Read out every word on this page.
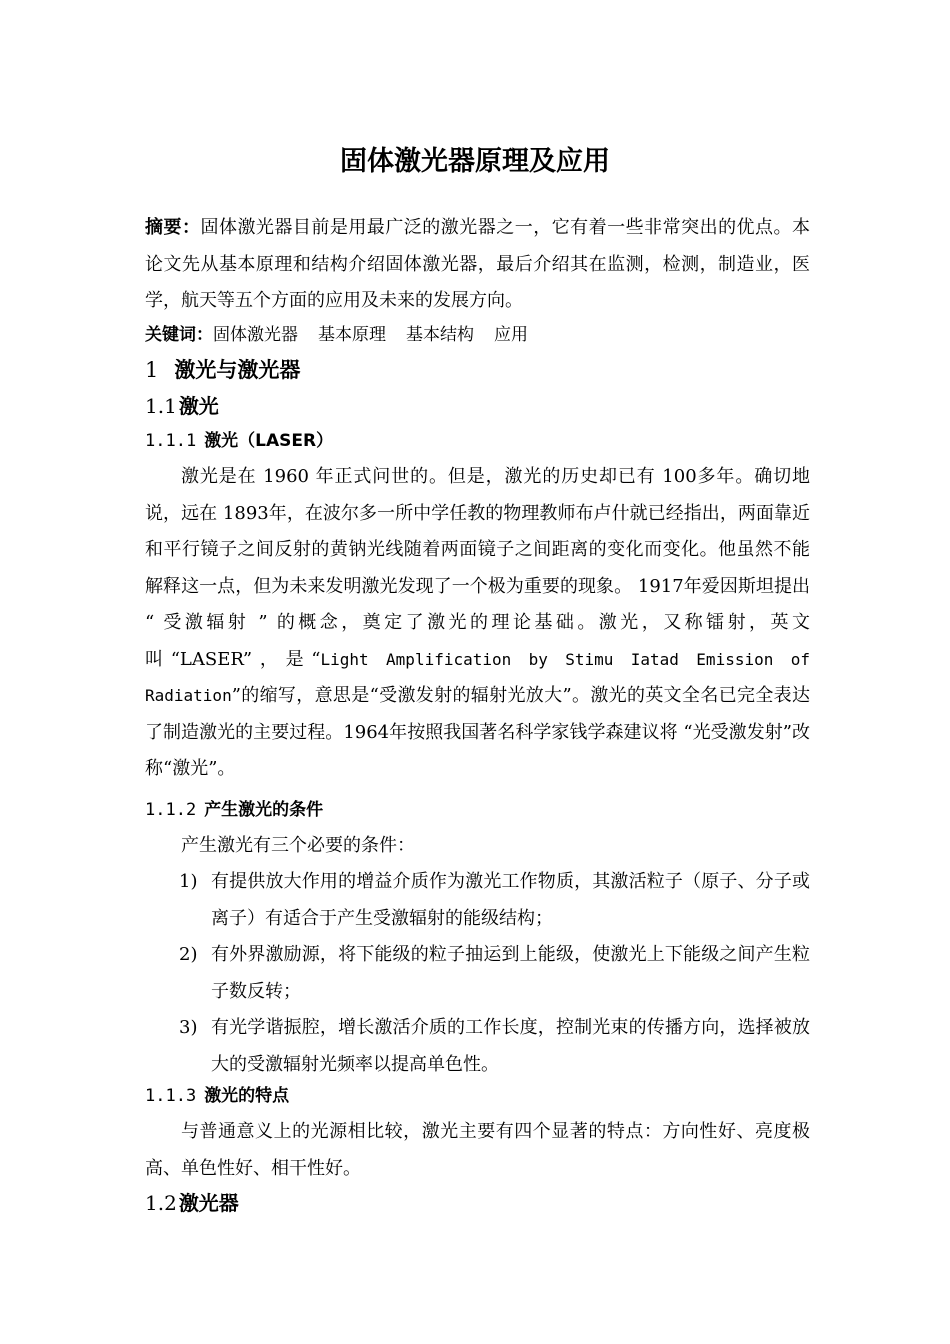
固体激光器原理及应用
摘要：固体激光器目前是用最广泛的激光器之一，它有着一些非常突出的优点。本论文先从基本原理和结构介绍固体激光器，最后介绍其在监测，检测，制造业，医学，航天等五个方面的应用及未来的发展方向。
关键词：固体激光器 基本原理 基本结构 应用
1 激光与激光器
1.1 激光
1.1.1 激光（LASER）
激光是在 1960 年正式问世的。但是，激光的历史却已有 100多年。确切地说，远在 1893年，在波尔多一所中学任教的物理教师布卢什就已经指出，两面靠近和平行镜子之间反射的黄钠光线随着两面镜子之间距离的变化而变化。他虽然不能解释这一点，但为未来发明激光发现了一个极为重要的现象。 1917年爱因斯坦提出 “ 受激辐射 ” 的概念，奠定了激光的理论基础。激光，又称镭射，英文叫“LASER”，是“Light Amplification by Stimu Iatad Emission of Radiation”的缩写，意思是“受激发射的辐射光放大”。激光的英文全名已完全表达了制造激光的主要过程。1964年按照我国著名科学家钱学森建议将 “光受激发射”改称“激光”。
1.1.2 产生激光的条件
产生激光有三个必要的条件：
1) 有提供放大作用的增益介质作为激光工作物质，其激活粒子（原子、分子或离子）有适合于产生受激辐射的能级结构；
2) 有外界激励源，将下能级的粒子抽运到上能级，使激光上下能级之间产生粒子数反转；
3) 有光学谐振腔，增长激活介质的工作长度，控制光束的传播方向，选择被放大的受激辐射光频率以提高单色性。
1.1.3 激光的特点
与普通意义上的光源相比较，激光主要有四个显著的特点：方向性好、亮度极高、单色性好、相干性好。
1.2 激光器
